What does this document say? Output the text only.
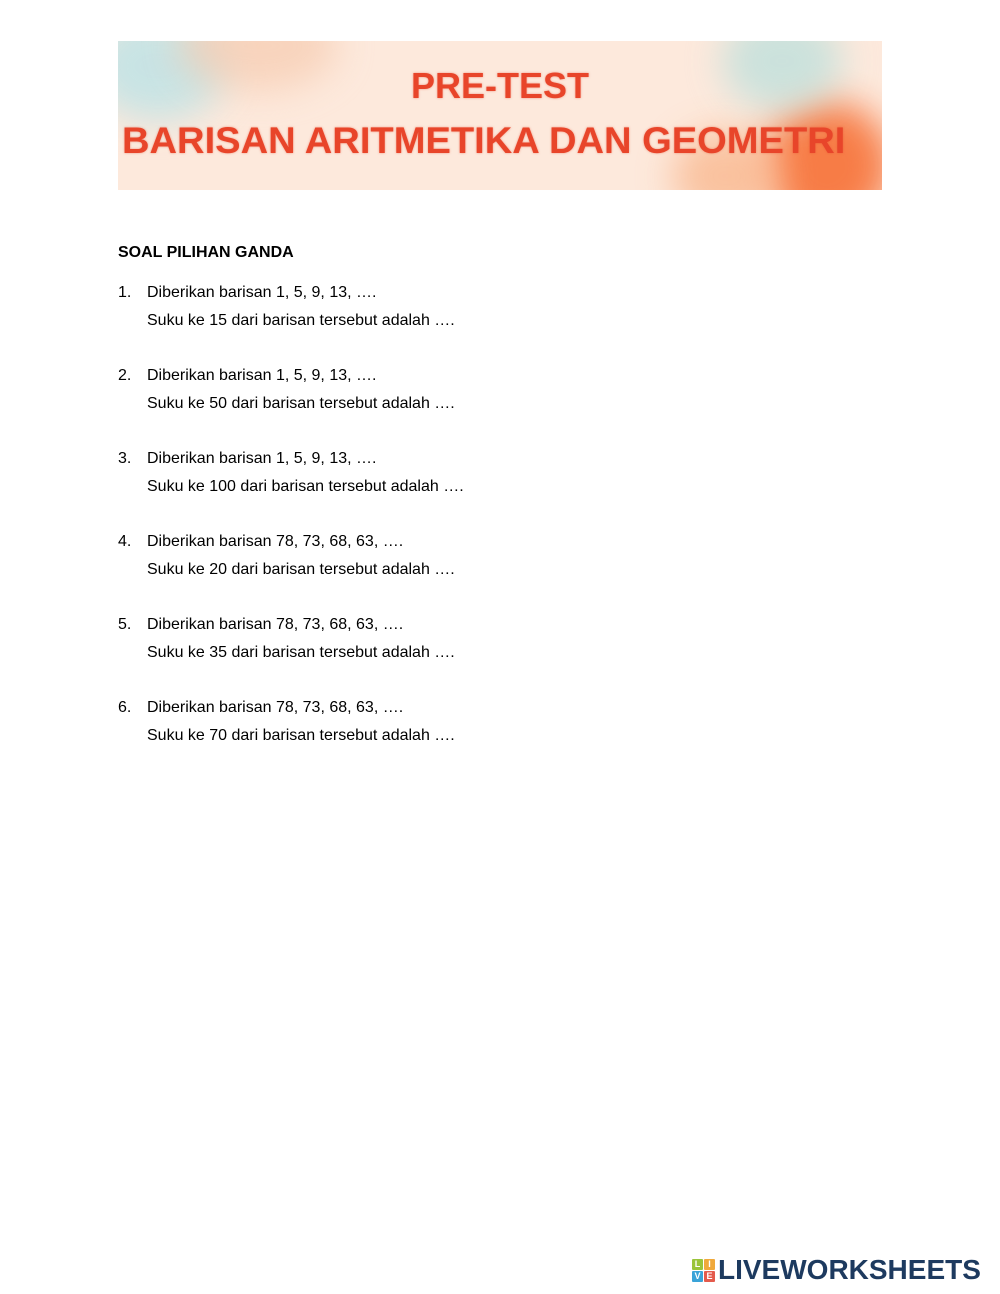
PRE-TEST
BARISAN ARITMETIKA DAN GEOMETRI
SOAL PILIHAN GANDA
1. Diberikan barisan 1, 5, 9, 13, ….
Suku ke 15 dari barisan tersebut adalah ….
2. Diberikan barisan 1, 5, 9, 13, ….
Suku ke 50 dari barisan tersebut adalah ….
3. Diberikan barisan 1, 5, 9, 13, ….
Suku ke 100 dari barisan tersebut adalah ….
4. Diberikan barisan 78, 73, 68, 63, ….
Suku ke 20 dari barisan tersebut adalah ….
5. Diberikan barisan 78, 73, 68, 63, ….
Suku ke 35 dari barisan tersebut adalah ….
6. Diberikan barisan 78, 73, 68, 63, ….
Suku ke 70 dari barisan tersebut adalah ….
L I
V E LIVEWORKSHEETS
